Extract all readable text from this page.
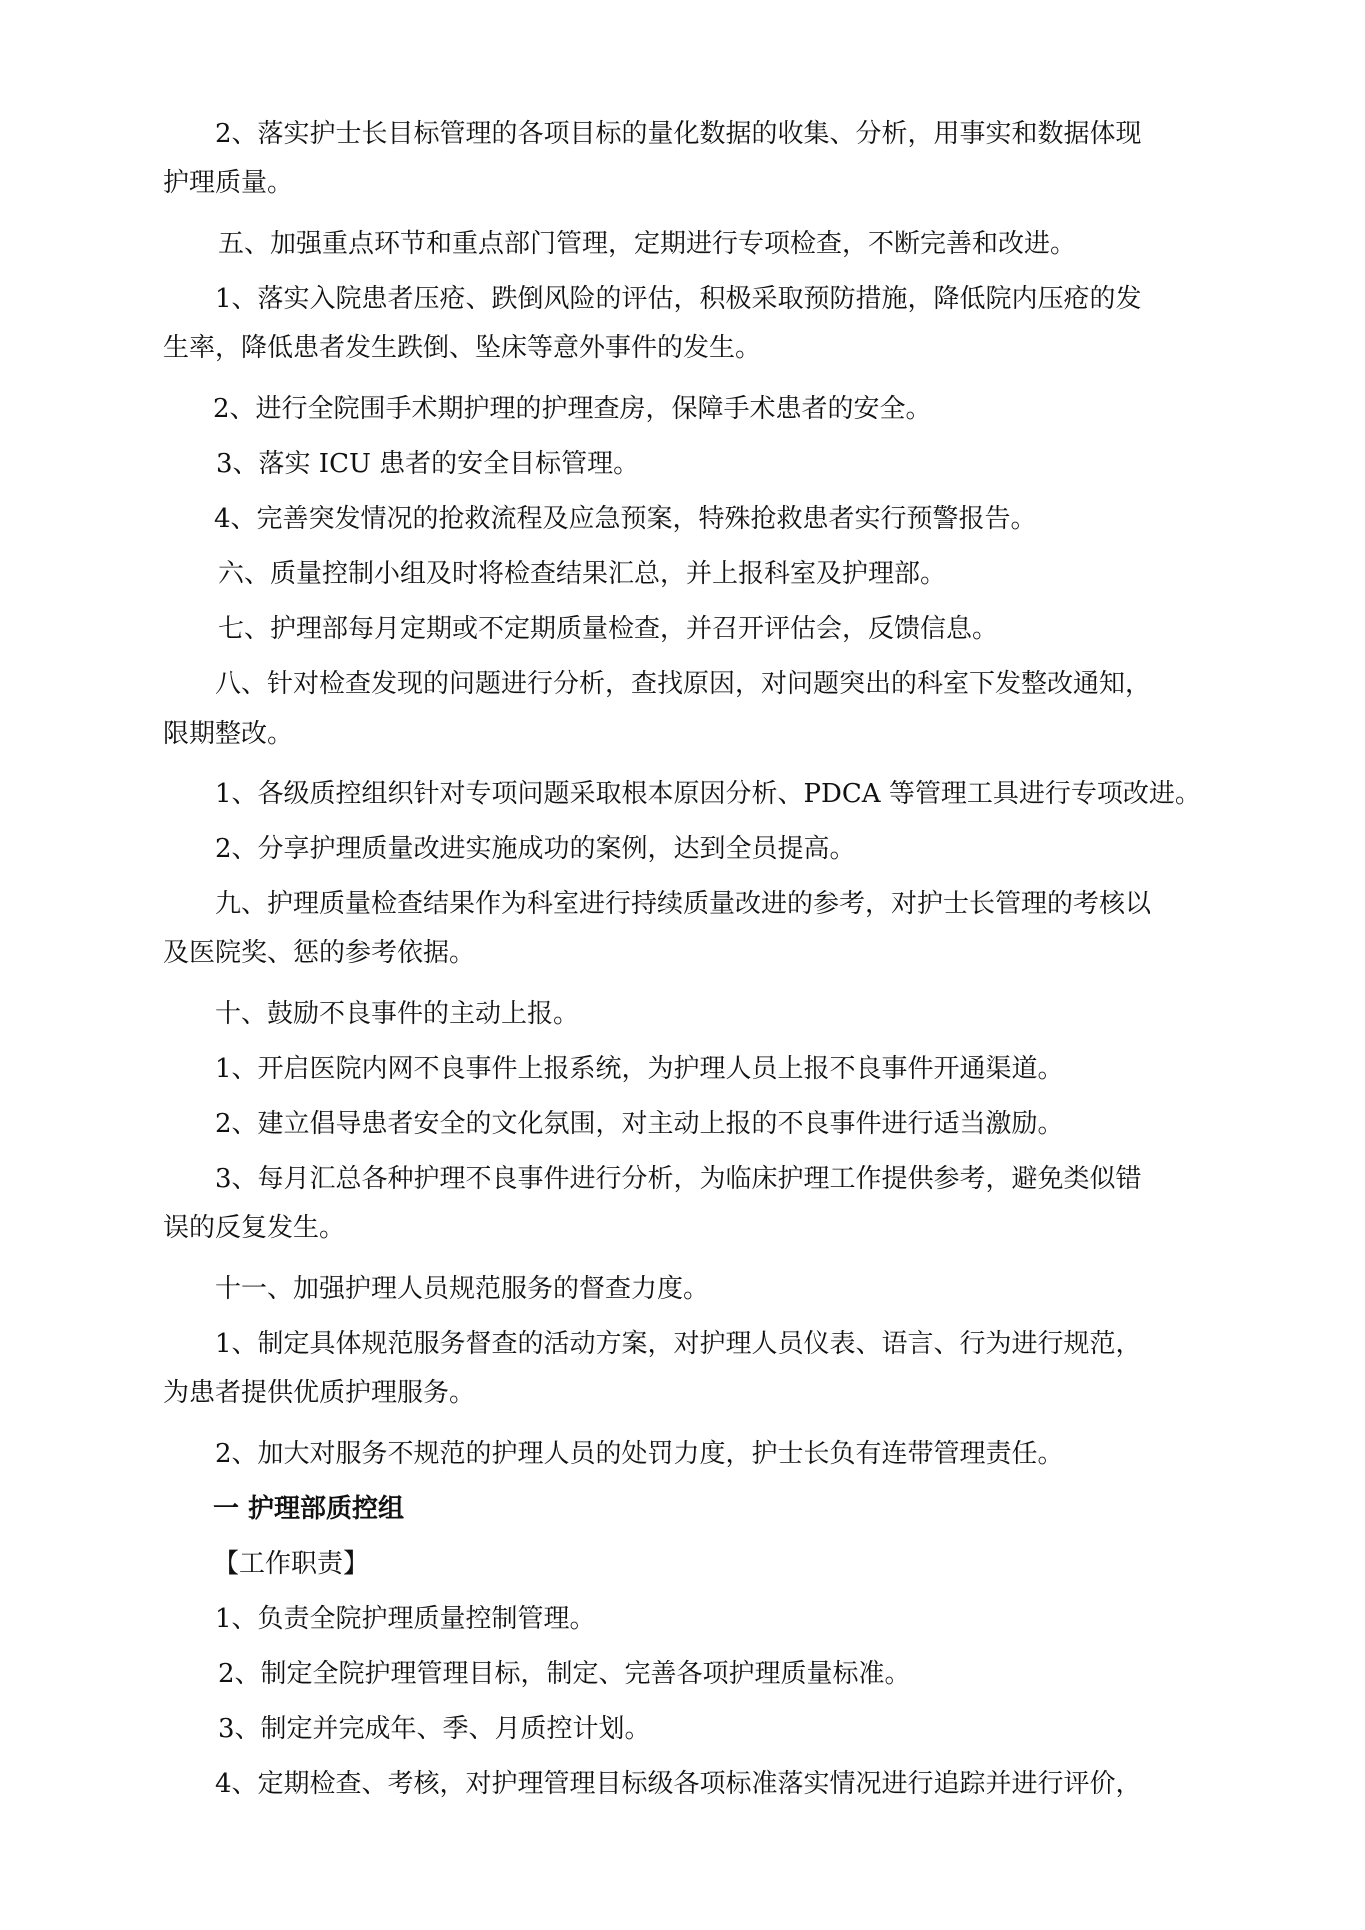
2、落实护士长目标管理的各项目标的量化数据的收集、分析，用事实和数据体现

护理质量。

五、加强重点环节和重点部门管理，定期进行专项检查，不断完善和改进。

1、落实入院患者压疮、跌倒风险的评估，积极采取预防措施，降低院内压疮的发

生率，降低患者发生跌倒、坠床等意外事件的发生。

2、进行全院围手术期护理的护理查房，保障手术患者的安全。

3、落实 ICU 患者的安全目标管理。

4、完善突发情况的抢救流程及应急预案，特殊抢救患者实行预警报告。

六、质量控制小组及时将检查结果汇总，并上报科室及护理部。

七、护理部每月定期或不定期质量检查，并召开评估会，反馈信息。

八、针对检查发现的问题进行分析，查找原因，对问题突出的科室下发整改通知，

限期整改。

1、各级质控组织针对专项问题采取根本原因分析、PDCA 等管理工具进行专项改进。

2、分享护理质量改进实施成功的案例，达到全员提高。

九、护理质量检查结果作为科室进行持续质量改进的参考，对护士长管理的考核以

及医院奖、惩的参考依据。

十、鼓励不良事件的主动上报。

1、开启医院内网不良事件上报系统，为护理人员上报不良事件开通渠道。

2、建立倡导患者安全的文化氛围，对主动上报的不良事件进行适当激励。

3、每月汇总各种护理不良事件进行分析，为临床护理工作提供参考，避免类似错

误的反复发生。

十一、加强护理人员规范服务的督查力度。

1、制定具体规范服务督查的活动方案，对护理人员仪表、语言、行为进行规范，

为患者提供优质护理服务。

2、加大对服务不规范的护理人员的处罚力度，护士长负有连带管理责任。

一 护理部质控组

【工作职责】

1、负责全院护理质量控制管理。

2、制定全院护理管理目标，制定、完善各项护理质量标准。

3、制定并完成年、季、月质控计划。

4、定期检查、考核，对护理管理目标级各项标准落实情况进行追踪并进行评价，
